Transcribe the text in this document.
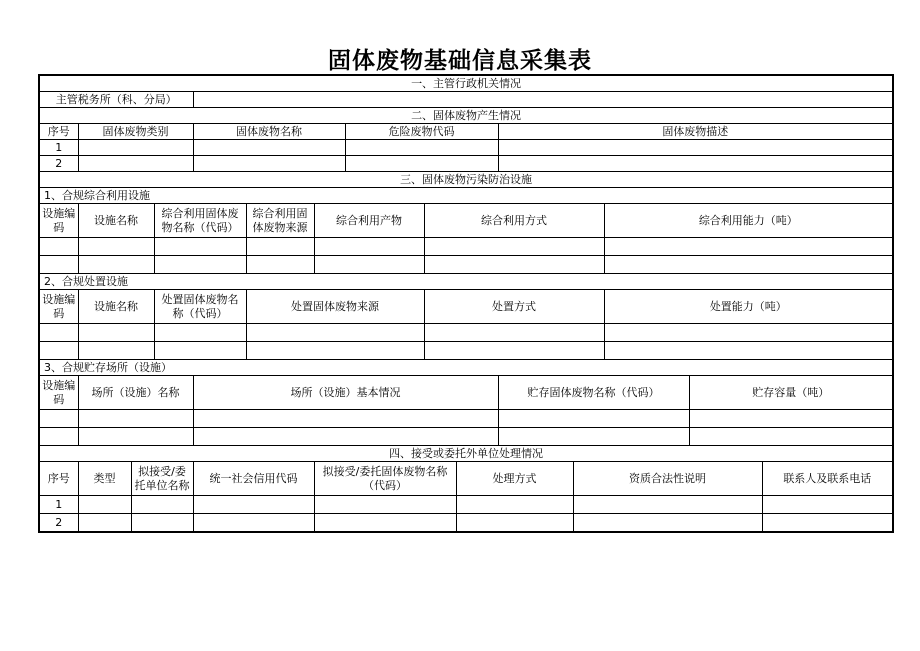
固体废物基础信息采集表
一、主管行政机关情况														
主管税务所（科、分局）														
二、固体废物产生情况														
序号	固体废物类别			固体废物名称			危险废物代码			固体废物描述				
1														
2														
三、固体废物污染防治设施														
1、合规综合利用设施														
设施编码	设施名称		综合利用固体废物名称（代码）		综合利用固体废物来源	综合利用产物		综合利用方式				综合利用能力（吨）		

2、合规处置设施														
设施编码	设施名称		处置固体废物名称（代码）		处置固体废物来源			处置方式				处置能力（吨）		

3、合规贮存场所（设施）														
设施编码	场所（设施）名称			场所（设施）基本情况						贮存固体废物名称（代码）			贮存容量（吨）	

四、接受或委托外单位处理情况														
序号	类型	拟接受/委托单位名称		统一社会信用代码		拟接受/委托固体废物名称（代码）			处理方式		资质合法性说明			联系人及联系电话
1														
2														
